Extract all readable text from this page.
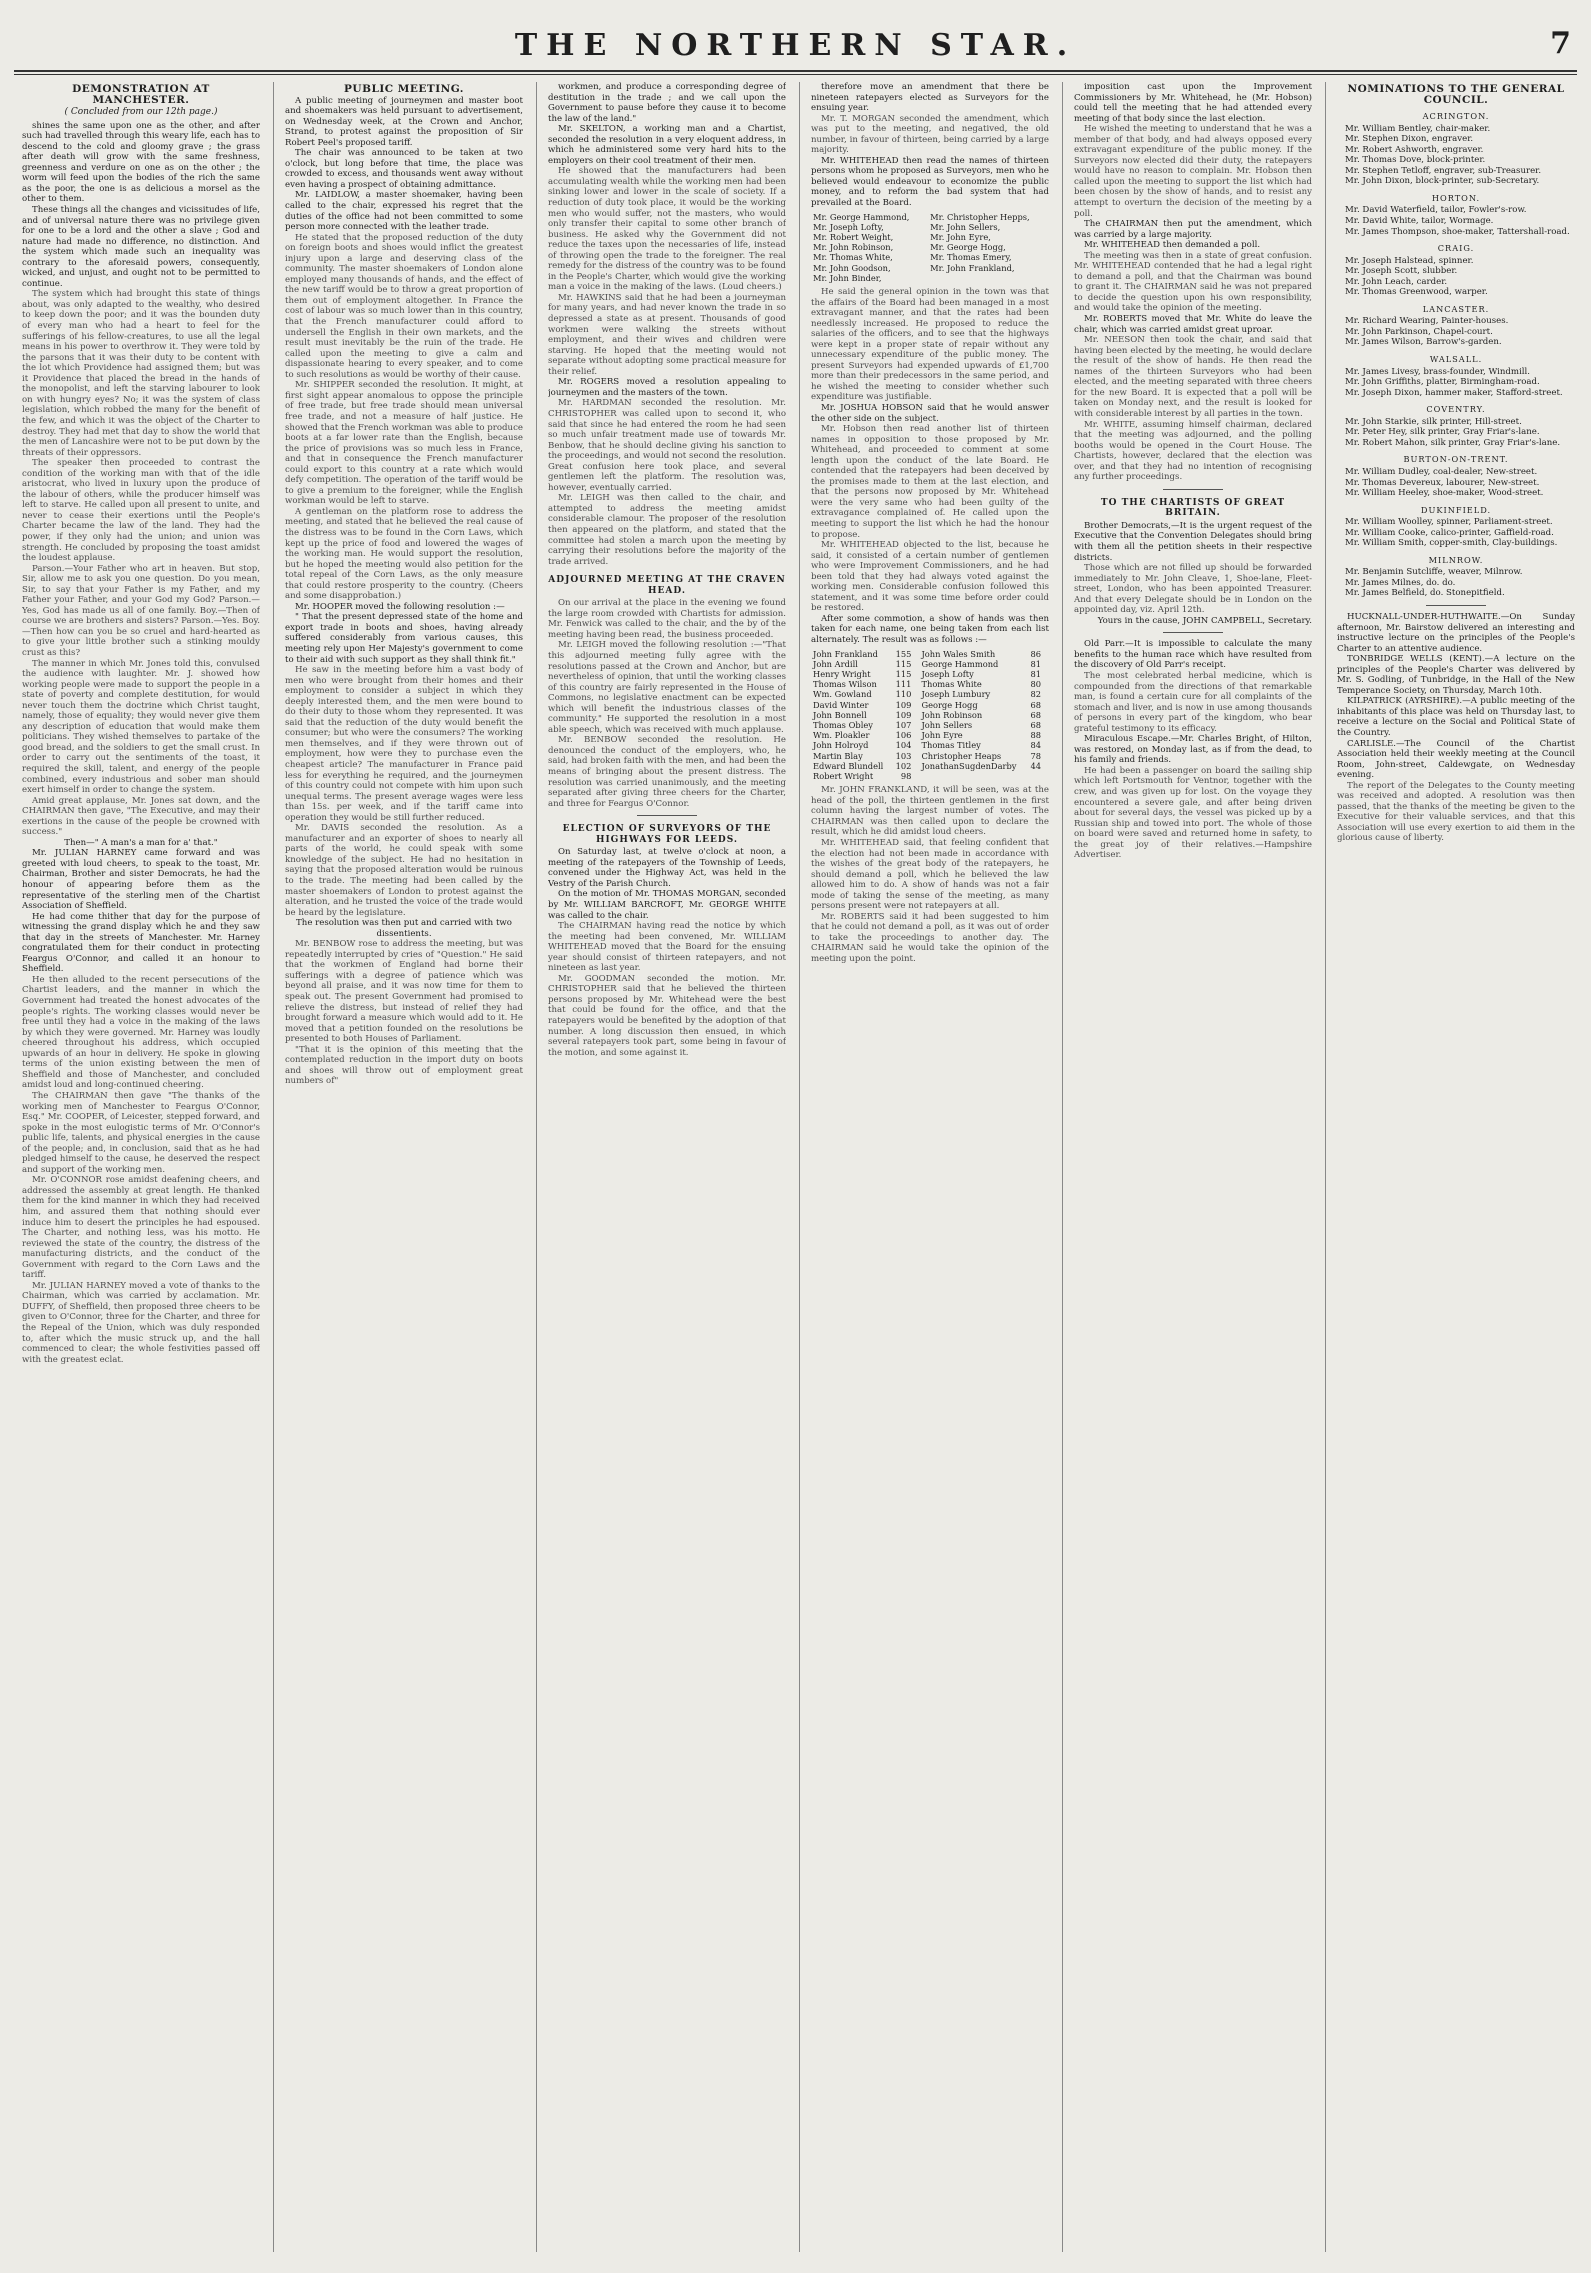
THE NORTHERN STAR.	7
DEMONSTRATION AT MANCHESTER.
( Concluded from our 12th page.)

shines the same upon one as the other, and after such had travelled through this weary life, each has to descend to the cold and gloomy grave ; the grass after death will grow with the same freshness, greenness and verdure on one as on the other ; the worm will feed upon the bodies of the rich the same as the poor, the one is as delicious a morsel as the other to them.

These things all the changes and vicissitudes of life, and of universal nature there was no privilege given for one to be a lord and the other a slave ; God and nature had made no difference, no distinction. And the system which made such an inequality was contrary to the aforesaid powers, consequently, wicked, and unjust, and ought not to be permitted to continue.

The system which had brought this state of things about, was only adapted to the wealthy, who desired to keep down the poor; and it was the bounden duty of every man who had a heart to feel for the sufferings of his fellow-creatures, to use all the legal means in his power to overthrow it. They were told by the parsons that it was their duty to be content with the lot which Providence had assigned them; but was it Providence that placed the bread in the hands of the monopolist, and left the starving labourer to look on with hungry eyes? No; it was the system of class legislation, which robbed the many for the benefit of the few, and which it was the object of the Charter to destroy. They had met that day to show the world that the men of Lancashire were not to be put down by the threats of their oppressors.

The speaker then proceeded to contrast the condition of the working man with that of the idle aristocrat, who lived in luxury upon the produce of the labour of others, while the producer himself was left to starve. He called upon all present to unite, and never to cease their exertions until the People's Charter became the law of the land. They had the power, if they only had the union; and union was strength. He concluded by proposing the toast amidst the loudest applause.

Parson.—Your Father who art in heaven. But stop, Sir, allow me to ask you one question. Do you mean, Sir, to say that your Father is my Father, and my Father your Father, and your God my God? Parson.—Yes, God has made us all of one family. Boy.—Then of course we are brothers and sisters? Parson.—Yes. Boy.—Then how can you be so cruel and hard-hearted as to give your little brother such a stinking mouldy crust as this?

The manner in which Mr. Jones told this, convulsed the audience with laughter. Mr. J. showed how working people were made to support the people in a state of poverty and complete destitution, for would never touch them the doctrine which Christ taught, namely, those of equality; they would never give them any description of education that would make them politicians. They wished themselves to partake of the good bread, and the soldiers to get the small crust. In order to carry out the sentiments of the toast, it required the skill, talent, and energy of the people combined, every industrious and sober man should exert himself in order to change the system.

Amid great applause, Mr. Jones sat down, and the CHAIRMAN then gave, "The Executive, and may their exertions in the cause of the people be crowned with success."

Then—" A man's a man for a' that."

Mr. JULIAN HARNEY came forward and was greeted with loud cheers, to speak to the toast, Mr. Chairman, Brother and sister Democrats, he had the honour of appearing before them as the representative of the sterling men of the Chartist Association of Sheffield.

He had come thither that day for the purpose of witnessing the grand display which he and they saw that day in the streets of Manchester. Mr. Harney congratulated them for their conduct in protecting Feargus O'Connor, and called it an honour to Sheffield.

He then alluded to the recent persecutions of the Chartist leaders, and the manner in which the Government had treated the honest advocates of the people's rights. The working classes would never be free until they had a voice in the making of the laws by which they were governed. Mr. Harney was loudly cheered throughout his address, which occupied upwards of an hour in delivery. He spoke in glowing terms of the union existing between the men of Sheffield and those of Manchester, and concluded amidst loud and long-continued cheering.

The CHAIRMAN then gave "The thanks of the working men of Manchester to Feargus O'Connor, Esq." Mr. COOPER, of Leicester, stepped forward, and spoke in the most eulogistic terms of Mr. O'Connor's public life, talents, and physical energies in the cause of the people; and, in conclusion, said that as he had pledged himself to the cause, he deserved the respect and support of the working men.

Mr. O'CONNOR rose amidst deafening cheers, and addressed the assembly at great length. He thanked them for the kind manner in which they had received him, and assured them that nothing should ever induce him to desert the principles he had espoused. The Charter, and nothing less, was his motto. He reviewed the state of the country, the distress of the manufacturing districts, and the conduct of the Government with regard to the Corn Laws and the tariff.

Mr. JULIAN HARNEY moved a vote of thanks to the Chairman, which was carried by acclamation. Mr. DUFFY, of Sheffield, then proposed three cheers to be given to O'Connor, three for the Charter, and three for the Repeal of the Union, which was duly responded to, after which the music struck up, and the hall commenced to clear; the whole festivities passed off with the greatest eclat.

PUBLIC MEETING.

A public meeting of journeymen and master boot and shoemakers was held pursuant to advertisement, on Wednesday week, at the Crown and Anchor, Strand, to protest against the proposition of Sir Robert Peel's proposed tariff.

The chair was announced to be taken at two o'clock, but long before that time, the place was crowded to excess, and thousands went away without even having a prospect of obtaining admittance.

Mr. LAIDLOW, a master shoemaker, having been called to the chair, expressed his regret that the duties of the office had not been committed to some person more connected with the leather trade.

He stated that the proposed reduction of the duty on foreign boots and shoes would inflict the greatest injury upon a large and deserving class of the community. The master shoemakers of London alone employed many thousands of hands, and the effect of the new tariff would be to throw a great proportion of them out of employment altogether. In France the cost of labour was so much lower than in this country, that the French manufacturer could afford to undersell the English in their own markets, and the result must inevitably be the ruin of the trade. He called upon the meeting to give a calm and dispassionate hearing to every speaker, and to come to such resolutions as would be worthy of their cause.

Mr. SHIPPER seconded the resolution. It might, at first sight appear anomalous to oppose the principle of free trade, but free trade should mean universal free trade, and not a measure of half justice. He showed that the French workman was able to produce boots at a far lower rate than the English, because the price of provisions was so much less in France, and that in consequence the French manufacturer could export to this country at a rate which would defy competition. The operation of the tariff would be to give a premium to the foreigner, while the English workman would be left to starve.

A gentleman on the platform rose to address the meeting, and stated that he believed the real cause of the distress was to be found in the Corn Laws, which kept up the price of food and lowered the wages of the working man. He would support the resolution, but he hoped the meeting would also petition for the total repeal of the Corn Laws, as the only measure that could restore prosperity to the country. (Cheers and some disapprobation.)

Mr. HOOPER moved the following resolution :—

" That the present depressed state of the home and export trade in boots and shoes, having already suffered considerably from various causes, this meeting rely upon Her Majesty's government to come to their aid with such support as they shall think fit."

He saw in the meeting before him a vast body of men who were brought from their homes and their employment to consider a subject in which they deeply interested them, and the men were bound to do their duty to those whom they represented. It was said that the reduction of the duty would benefit the consumer; but who were the consumers? The working men themselves, and if they were thrown out of employment, how were they to purchase even the cheapest article? The manufacturer in France paid less for everything he required, and the journeymen of this country could not compete with him upon such unequal terms. The present average wages were less than 15s. per week, and if the tariff came into operation they would be still further reduced.

Mr. DAVIS seconded the resolution. As a manufacturer and an exporter of shoes to nearly all parts of the world, he could speak with some knowledge of the subject. He had no hesitation in saying that the proposed alteration would be ruinous to the trade. The meeting had been called by the master shoemakers of London to protest against the alteration, and he trusted the voice of the trade would be heard by the legislature.

The resolution was then put and carried with two dissentients.

Mr. BENBOW rose to address the meeting, but was repeatedly interrupted by cries of "Question." He said that the workmen of England had borne their sufferings with a degree of patience which was beyond all praise, and it was now time for them to speak out. The present Government had promised to relieve the distress, but instead of relief they had brought forward a measure which would add to it. He moved that a petition founded on the resolutions be presented to both Houses of Parliament.

"That it is the opinion of this meeting that the contemplated reduction in the import duty on boots and shoes will throw out of employment great numbers of"

workmen, and produce a corresponding degree of destitution in the trade ; and we call upon the Government to pause before they cause it to become the law of the land."

Mr. SKELTON, a working man and a Chartist, seconded the resolution in a very eloquent address, in which he administered some very hard hits to the employers on their cool treatment of their men.

He showed that the manufacturers had been accumulating wealth while the working men had been sinking lower and lower in the scale of society. If a reduction of duty took place, it would be the working men who would suffer, not the masters, who would only transfer their capital to some other branch of business. He asked why the Government did not reduce the taxes upon the necessaries of life, instead of throwing open the trade to the foreigner. The real remedy for the distress of the country was to be found in the People's Charter, which would give the working man a voice in the making of the laws. (Loud cheers.)

Mr. HAWKINS said that he had been a journeyman for many years, and had never known the trade in so depressed a state as at present. Thousands of good workmen were walking the streets without employment, and their wives and children were starving. He hoped that the meeting would not separate without adopting some practical measure for their relief.

Mr. ROGERS moved a resolution appealing to journeymen and the masters of the town.

Mr. HARDMAN seconded the resolution. Mr. CHRISTOPHER was called upon to second it, who said that since he had entered the room he had seen so much unfair treatment made use of towards Mr. Benbow, that he should decline giving his sanction to the proceedings, and would not second the resolution. Great confusion here took place, and several gentlemen left the platform. The resolution was, however, eventually carried.

Mr. LEIGH was then called to the chair, and attempted to address the meeting amidst considerable clamour. The proposer of the resolution then appeared on the platform, and stated that the committee had stolen a march upon the meeting by carrying their resolutions before the majority of the trade arrived.

ADJOURNED MEETING AT THE CRAVEN HEAD.

On our arrival at the place in the evening we found the large room crowded with Chartists for admission. Mr. Fenwick was called to the chair, and the by of the meeting having been read, the business proceeded.

Mr. LEIGH moved the following resolution :—"That this adjourned meeting fully agree with the resolutions passed at the Crown and Anchor, but are nevertheless of opinion, that until the working classes of this country are fairly represented in the House of Commons, no legislative enactment can be expected which will benefit the industrious classes of the community." He supported the resolution in a most able speech, which was received with much applause.

Mr. BENBOW seconded the resolution. He denounced the conduct of the employers, who, he said, had broken faith with the men, and had been the means of bringing about the present distress. The resolution was carried unanimously, and the meeting separated after giving three cheers for the Charter, and three for Feargus O'Connor.

ELECTION OF SURVEYORS OF THE HIGHWAYS FOR LEEDS.

On Saturday last, at twelve o'clock at noon, a meeting of the ratepayers of the Township of Leeds, convened under the Highway Act, was held in the Vestry of the Parish Church.

On the motion of Mr. THOMAS MORGAN, seconded by Mr. WILLIAM BARCROFT, Mr. GEORGE WHITE was called to the chair.

The CHAIRMAN having read the notice by which the meeting had been convened, Mr. WILLIAM WHITEHEAD moved that the Board for the ensuing year should consist of thirteen ratepayers, and not nineteen as last year.

Mr. GOODMAN seconded the motion. Mr. CHRISTOPHER said that he believed the thirteen persons proposed by Mr. Whitehead were the best that could be found for the office, and that the ratepayers would be benefited by the adoption of that number. A long discussion then ensued, in which several ratepayers took part, some being in favour of the motion, and some against it.

therefore move an amendment that there be nineteen ratepayers elected as Surveyors for the ensuing year.

Mr. T. MORGAN seconded the amendment, which was put to the meeting, and negatived, the old number, in favour of thirteen, being carried by a large majority.

Mr. WHITEHEAD then read the names of thirteen persons whom he proposed as Surveyors, men who he believed would endeavour to economize the public money, and to reform the bad system that had prevailed at the Board.

Mr. George Hammond,	Mr. Christopher Hepps,
Mr. Joseph Lofty,	Mr. John Sellers,
Mr. Robert Weight,	Mr. John Eyre,
Mr. John Robinson,	Mr. George Hogg,
Mr. Thomas White,	Mr. Thomas Emery,
Mr. John Goodson,	Mr. John Frankland,
Mr. John Binder,	

He said the general opinion in the town was that the affairs of the Board had been managed in a most extravagant manner, and that the rates had been needlessly increased. He proposed to reduce the salaries of the officers, and to see that the highways were kept in a proper state of repair without any unnecessary expenditure of the public money. The present Surveyors had expended upwards of £1,700 more than their predecessors in the same period, and he wished the meeting to consider whether such expenditure was justifiable.

Mr. JOSHUA HOBSON said that he would answer the other side on the subject.

Mr. Hobson then read another list of thirteen names in opposition to those proposed by Mr. Whitehead, and proceeded to comment at some length upon the conduct of the late Board. He contended that the ratepayers had been deceived by the promises made to them at the last election, and that the persons now proposed by Mr. Whitehead were the very same who had been guilty of the extravagance complained of. He called upon the meeting to support the list which he had the honour to propose.

Mr. WHITEHEAD objected to the list, because he said, it consisted of a certain number of gentlemen who were Improvement Commissioners, and he had been told that they had always voted against the working men. Considerable confusion followed this statement, and it was some time before order could be restored.

After some commotion, a show of hands was then taken for each name, one being taken from each list alternately. The result was as follows :—

John Frankland	155	John Wales Smith	86
John Ardill	115	George Hammond	81
Henry Wright	115	Joseph Lofty	81
Thomas Wilson	111	Thomas White	80
Wm. Gowland	110	Joseph Lumbury	82
David Winter	109	George Hogg	68
John Bonnell	109	John Robinson	68
Thomas Obley	107	John Sellers	68
Wm. Ploakler	106	John Eyre	88
John Holroyd	104	Thomas Titley	84
Martin Blay	103	Christopher Heaps	78
Edward Blundell	102	JonathanSugdenDarby	44
Robert Wright	98		

Mr. JOHN FRANKLAND, it will be seen, was at the head of the poll, the thirteen gentlemen in the first column having the largest number of votes. The CHAIRMAN was then called upon to declare the result, which he did amidst loud cheers.

Mr. WHITEHEAD said, that feeling confident that the election had not been made in accordance with the wishes of the great body of the ratepayers, he should demand a poll, which he believed the law allowed him to do. A show of hands was not a fair mode of taking the sense of the meeting, as many persons present were not ratepayers at all.

Mr. ROBERTS said it had been suggested to him that he could not demand a poll, as it was out of order to take the proceedings to another day. The CHAIRMAN said he would take the opinion of the meeting upon the point.

imposition cast upon the Improvement Commissioners by Mr. Whitehead, he (Mr. Hobson) could tell the meeting that he had attended every meeting of that body since the last election.

He wished the meeting to understand that he was a member of that body, and had always opposed every extravagant expenditure of the public money. If the Surveyors now elected did their duty, the ratepayers would have no reason to complain. Mr. Hobson then called upon the meeting to support the list which had been chosen by the show of hands, and to resist any attempt to overturn the decision of the meeting by a poll.

The CHAIRMAN then put the amendment, which was carried by a large majority.

Mr. WHITEHEAD then demanded a poll.

The meeting was then in a state of great confusion. Mr. WHITEHEAD contended that he had a legal right to demand a poll, and that the Chairman was bound to grant it. The CHAIRMAN said he was not prepared to decide the question upon his own responsibility, and would take the opinion of the meeting.

Mr. ROBERTS moved that Mr. White do leave the chair, which was carried amidst great uproar.

Mr. NEESON then took the chair, and said that having been elected by the meeting, he would declare the result of the show of hands. He then read the names of the thirteen Surveyors who had been elected, and the meeting separated with three cheers for the new Board. It is expected that a poll will be taken on Monday next, and the result is looked for with considerable interest by all parties in the town.

Mr. WHITE, assuming himself chairman, declared that the meeting was adjourned, and the polling booths would be opened in the Court House. The Chartists, however, declared that the election was over, and that they had no intention of recognising any further proceedings.

TO THE CHARTISTS OF GREAT BRITAIN.

Brother Democrats,—It is the urgent request of the Executive that the Convention Delegates should bring with them all the petition sheets in their respective districts.

Those which are not filled up should be forwarded immediately to Mr. John Cleave, 1, Shoe-lane, Fleet-street, London, who has been appointed Treasurer. And that every Delegate should be in London on the appointed day, viz. April 12th.

Yours in the cause, JOHN CAMPBELL, Secretary.

Old Parr.—It is impossible to calculate the many benefits to the human race which have resulted from the discovery of Old Parr's receipt.

The most celebrated herbal medicine, which is compounded from the directions of that remarkable man, is found a certain cure for all complaints of the stomach and liver, and is now in use among thousands of persons in every part of the kingdom, who bear grateful testimony to its efficacy.

Miraculous Escape.—Mr. Charles Bright, of Hilton, was restored, on Monday last, as if from the dead, to his family and friends.

He had been a passenger on board the sailing ship which left Portsmouth for Ventnor, together with the crew, and was given up for lost. On the voyage they encountered a severe gale, and after being driven about for several days, the vessel was picked up by a Russian ship and towed into port. The whole of those on board were saved and returned home in safety, to the great joy of their relatives.—Hampshire Advertiser.

NOMINATIONS TO THE GENERAL COUNCIL.
ACRINGTON.

Mr. William Bentley, chair-maker.

Mr. Stephen Dixon, engraver.

Mr. Robert Ashworth, engraver.

Mr. Thomas Dove, block-printer.

Mr. Stephen Tetloff, engraver, sub-Treasurer.

Mr. John Dixon, block-printer, sub-Secretary.

HORTON.

Mr. David Waterfield, tailor, Fowler's-row.

Mr. David White, tailor, Wormage.

Mr. James Thompson, shoe-maker, Tattershall-road.

CRAIG.

Mr. Joseph Halstead, spinner.

Mr. Joseph Scott, slubber.

Mr. John Leach, carder.

Mr. Thomas Greenwood, warper.

LANCASTER.

Mr. Richard Wearing, Painter-houses.

Mr. John Parkinson, Chapel-court.

Mr. James Wilson, Barrow's-garden.

WALSALL.

Mr. James Livesy, brass-founder, Windmill.

Mr. John Griffiths, platter, Birmingham-road.

Mr. Joseph Dixon, hammer maker, Stafford-street.

COVENTRY.

Mr. John Starkie, silk printer, Hill-street.

Mr. Peter Hey, silk printer, Gray Friar's-lane.

Mr. Robert Mahon, silk printer, Gray Friar's-lane.

BURTON-ON-TRENT.

Mr. William Dudley, coal-dealer, New-street.

Mr. Thomas Devereux, labourer, New-street.

Mr. William Heeley, shoe-maker, Wood-street.

DUKINFIELD.

Mr. William Woolley, spinner, Parliament-street.

Mr. William Cooke, calico-printer, Gaffield-road.

Mr. William Smith, copper-smith, Clay-buildings.

MILNROW.

Mr. Benjamin Sutcliffe, weaver, Milnrow.

Mr. James Milnes, do. do.

Mr. James Belfield, do. Stonepitfield.

HUCKNALL-UNDER-HUTHWAITE.—On Sunday afternoon, Mr. Bairstow delivered an interesting and instructive lecture on the principles of the People's Charter to an attentive audience.

TONBRIDGE WELLS (KENT).—A lecture on the principles of the People's Charter was delivered by Mr. S. Godling, of Tunbridge, in the Hall of the New Temperance Society, on Thursday, March 10th.

KILPATRICK (AYRSHIRE).—A public meeting of the inhabitants of this place was held on Thursday last, to receive a lecture on the Social and Political State of the Country.

CARLISLE.—The Council of the Chartist Association held their weekly meeting at the Council Room, John-street, Caldewgate, on Wednesday evening.

The report of the Delegates to the County meeting was received and adopted. A resolution was then passed, that the thanks of the meeting be given to the Executive for their valuable services, and that this Association will use every exertion to aid them in the glorious cause of liberty.
